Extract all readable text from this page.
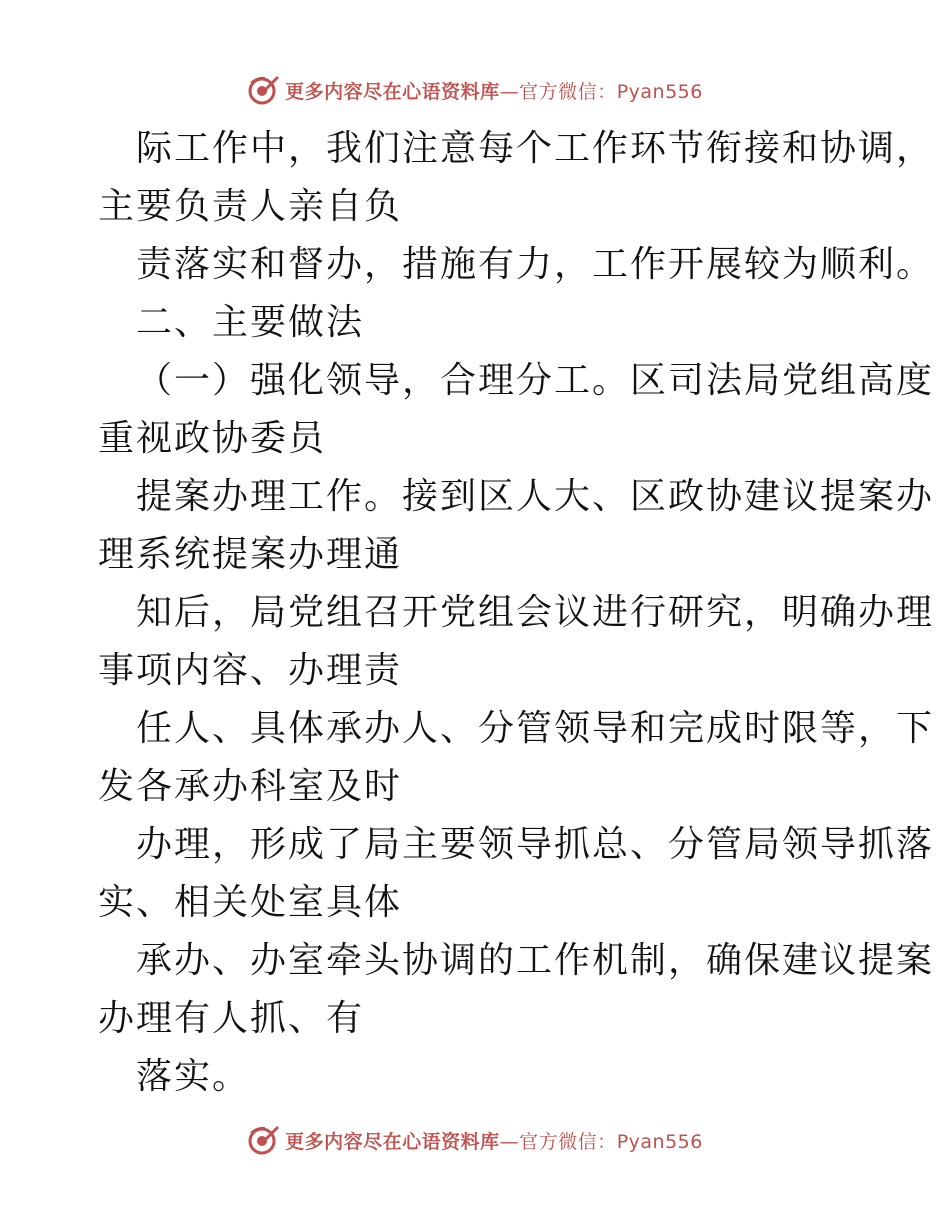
更多内容尽在心语资料库—官方微信：Pyan556
际工作中，我们注意每个工作环节衔接和协调，
主要负责人亲自负
责落实和督办，措施有力，工作开展较为顺利。
二、主要做法
（一）强化领导，合理分工。区司法局党组高度
重视政协委员
提案办理工作。接到区人大、区政协建议提案办
理系统提案办理通
知后，局党组召开党组会议进行研究，明确办理
事项内容、办理责
任人、具体承办人、分管领导和完成时限等，下
发各承办科室及时
办理，形成了局主要领导抓总、分管局领导抓落
实、相关处室具体
承办、办室牵头协调的工作机制，确保建议提案
办理有人抓、有
落实。
更多内容尽在心语资料库—官方微信：Pyan556
